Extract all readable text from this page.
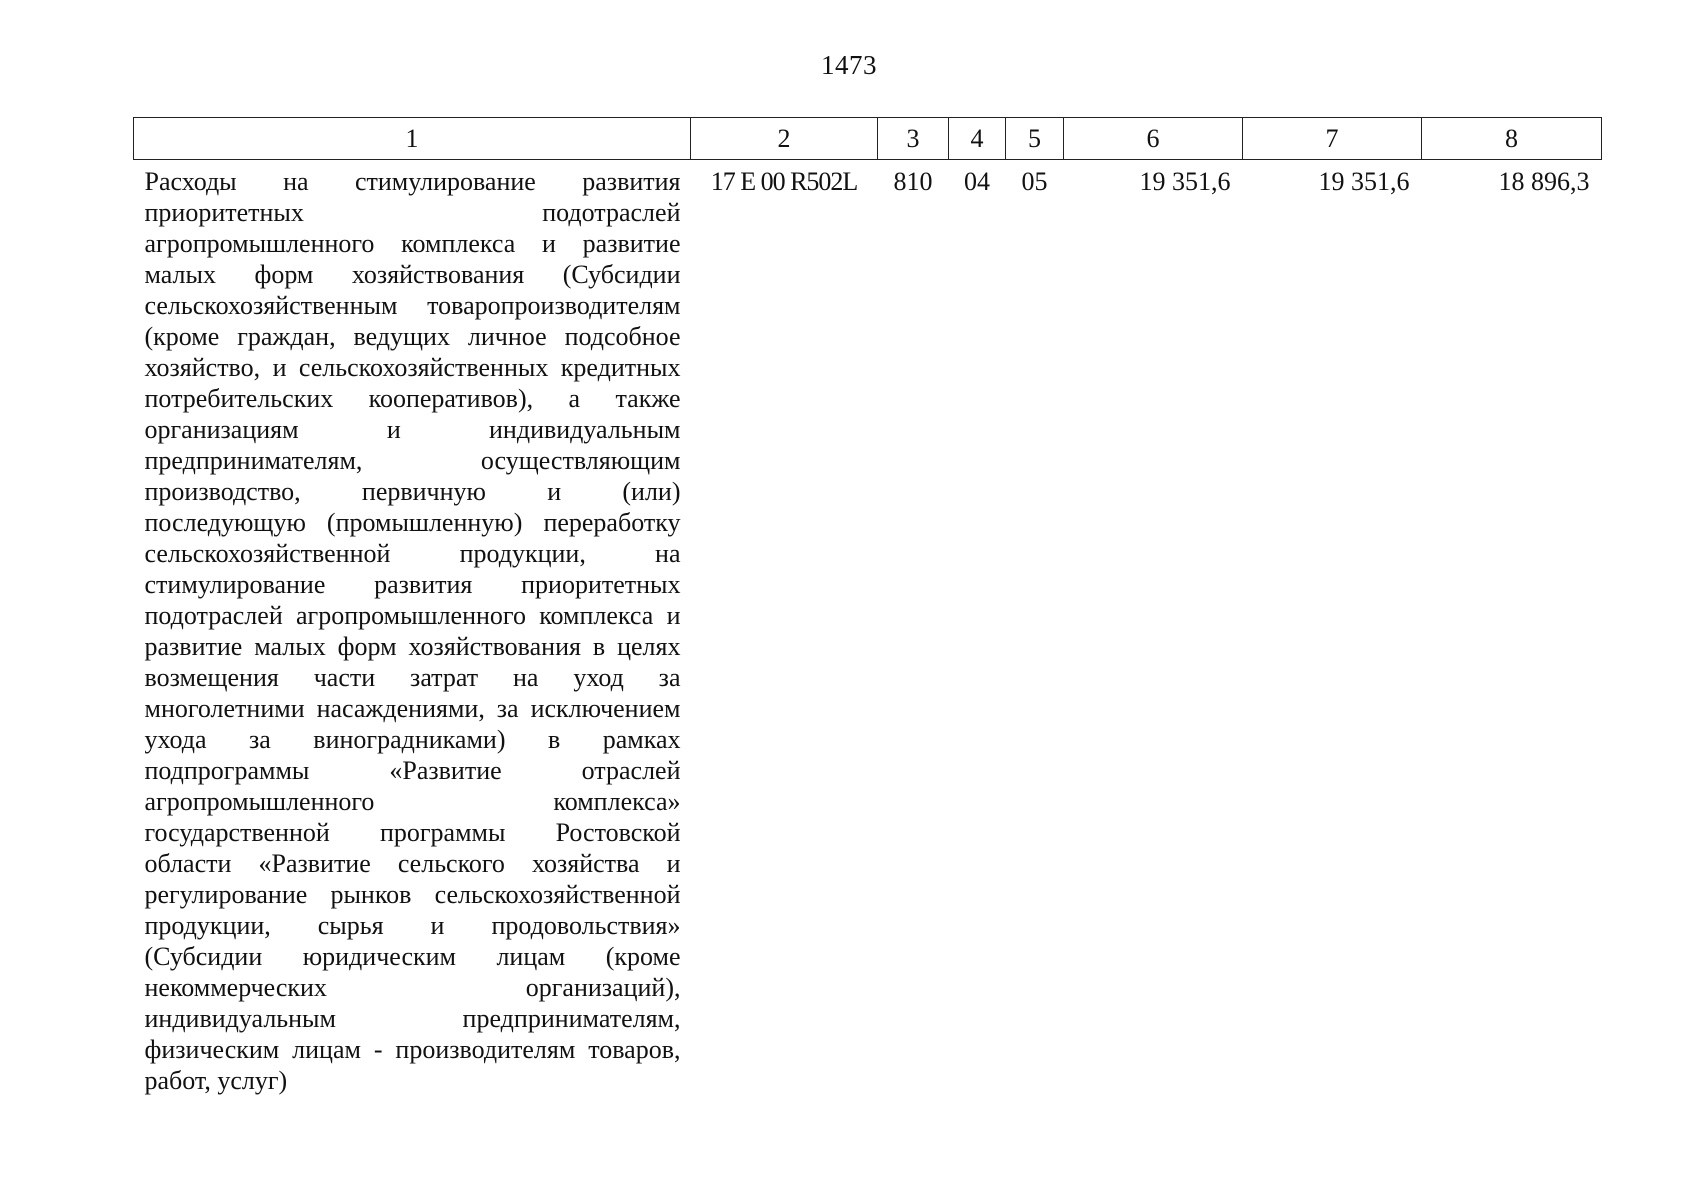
1473
1	2	3	4	5	6	7	8
Расходы на стимулирование развития приоритетных подотраслей агропромышленного комплекса и развитие малых форм хозяйствования (Субсидии сельскохозяйственным товаропроизводителям (кроме граждан, ведущих личное подсобное хозяйство, и сельскохозяйственных кредитных потребительских кооперативов), а также организациям и индивидуальным предпринимателям, осуществляющим производство, первичную и (или) последующую (промышленную) переработку сельскохозяйственной продукции, на стимулирование развития приоритетных подотраслей агропромышленного комплекса и развитие малых форм хозяйствования в целях возмещения части затрат на уход за многолетними насаждениями, за исключением ухода за виноградниками) в рамках подпрограммы «Развитие отраслей агропромышленного комплекса» государственной программы Ростовской области «Развитие сельского хозяйства и регулирование рынков сельскохозяйственной продукции, сырья и продовольствия» (Субсидии юридическим лицам (кроме некоммерческих организаций), индивидуальным предпринимателям, физическим лицам - производителям товаров, работ, услуг)	17 E 00 R502L	810	04	05	19 351,6	19 351,6	18 896,3
